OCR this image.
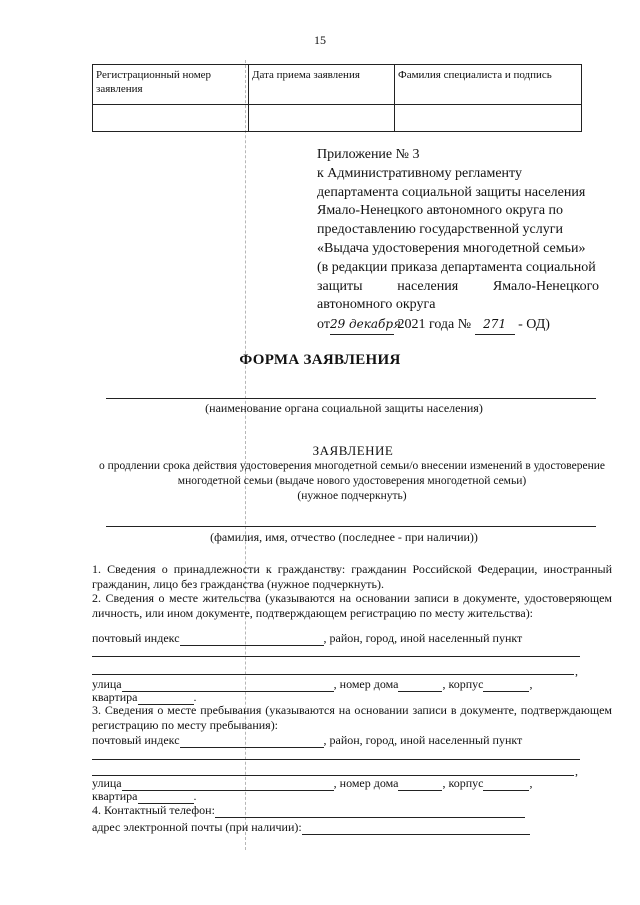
15
Регистрационный номер заявления	Дата приема заявления	Фамилия специалиста и подпись

Приложение № 3
к Административному регламенту
департамента социальной защиты населения
Ямало-Ненецкого автономного округа по
предоставлению государственной услуги
«Выдача удостоверения многодетной семьи»
(в редакции приказа департамента социальной
защиты населения Ямало-Ненецкого
автономного округа
от29 декабря 2021 года № 271 - ОД)
ФОРМА ЗАЯВЛЕНИЯ
(наименование органа социальной защиты населения)
ЗАЯВЛЕНИЕ
о продлении срока действия удостоверения многодетной семьи/о внесении изменений в удостоверение многодетной семьи (выдаче нового удостоверения многодетной семьи)
(нужное подчеркнуть)
(фамилия, имя, отчество (последнее - при наличии))
1. Сведения о принадлежности к гражданству: гражданин Российской Федерации, иностранный гражданин, лицо без гражданства (нужное подчеркнуть).
2. Сведения о месте жительства (указываются на основании записи в документе, удостоверяющем личность, или ином документе, подтверждающем регистрацию по месту жительства):
почтовый индекс	, район, город, иной населенный пункт
,
улица	, номер дома	, корпус	,
квартира	.
3. Сведения о месте пребывания (указываются на основании записи в документе, подтверждающем регистрацию по месту пребывания):
почтовый индекс	, район, город, иной населенный пункт
,
улица	, номер дома	, корпус	,
квартира	.
4. Контактный телефон:
адрес электронной почты (при наличии):
